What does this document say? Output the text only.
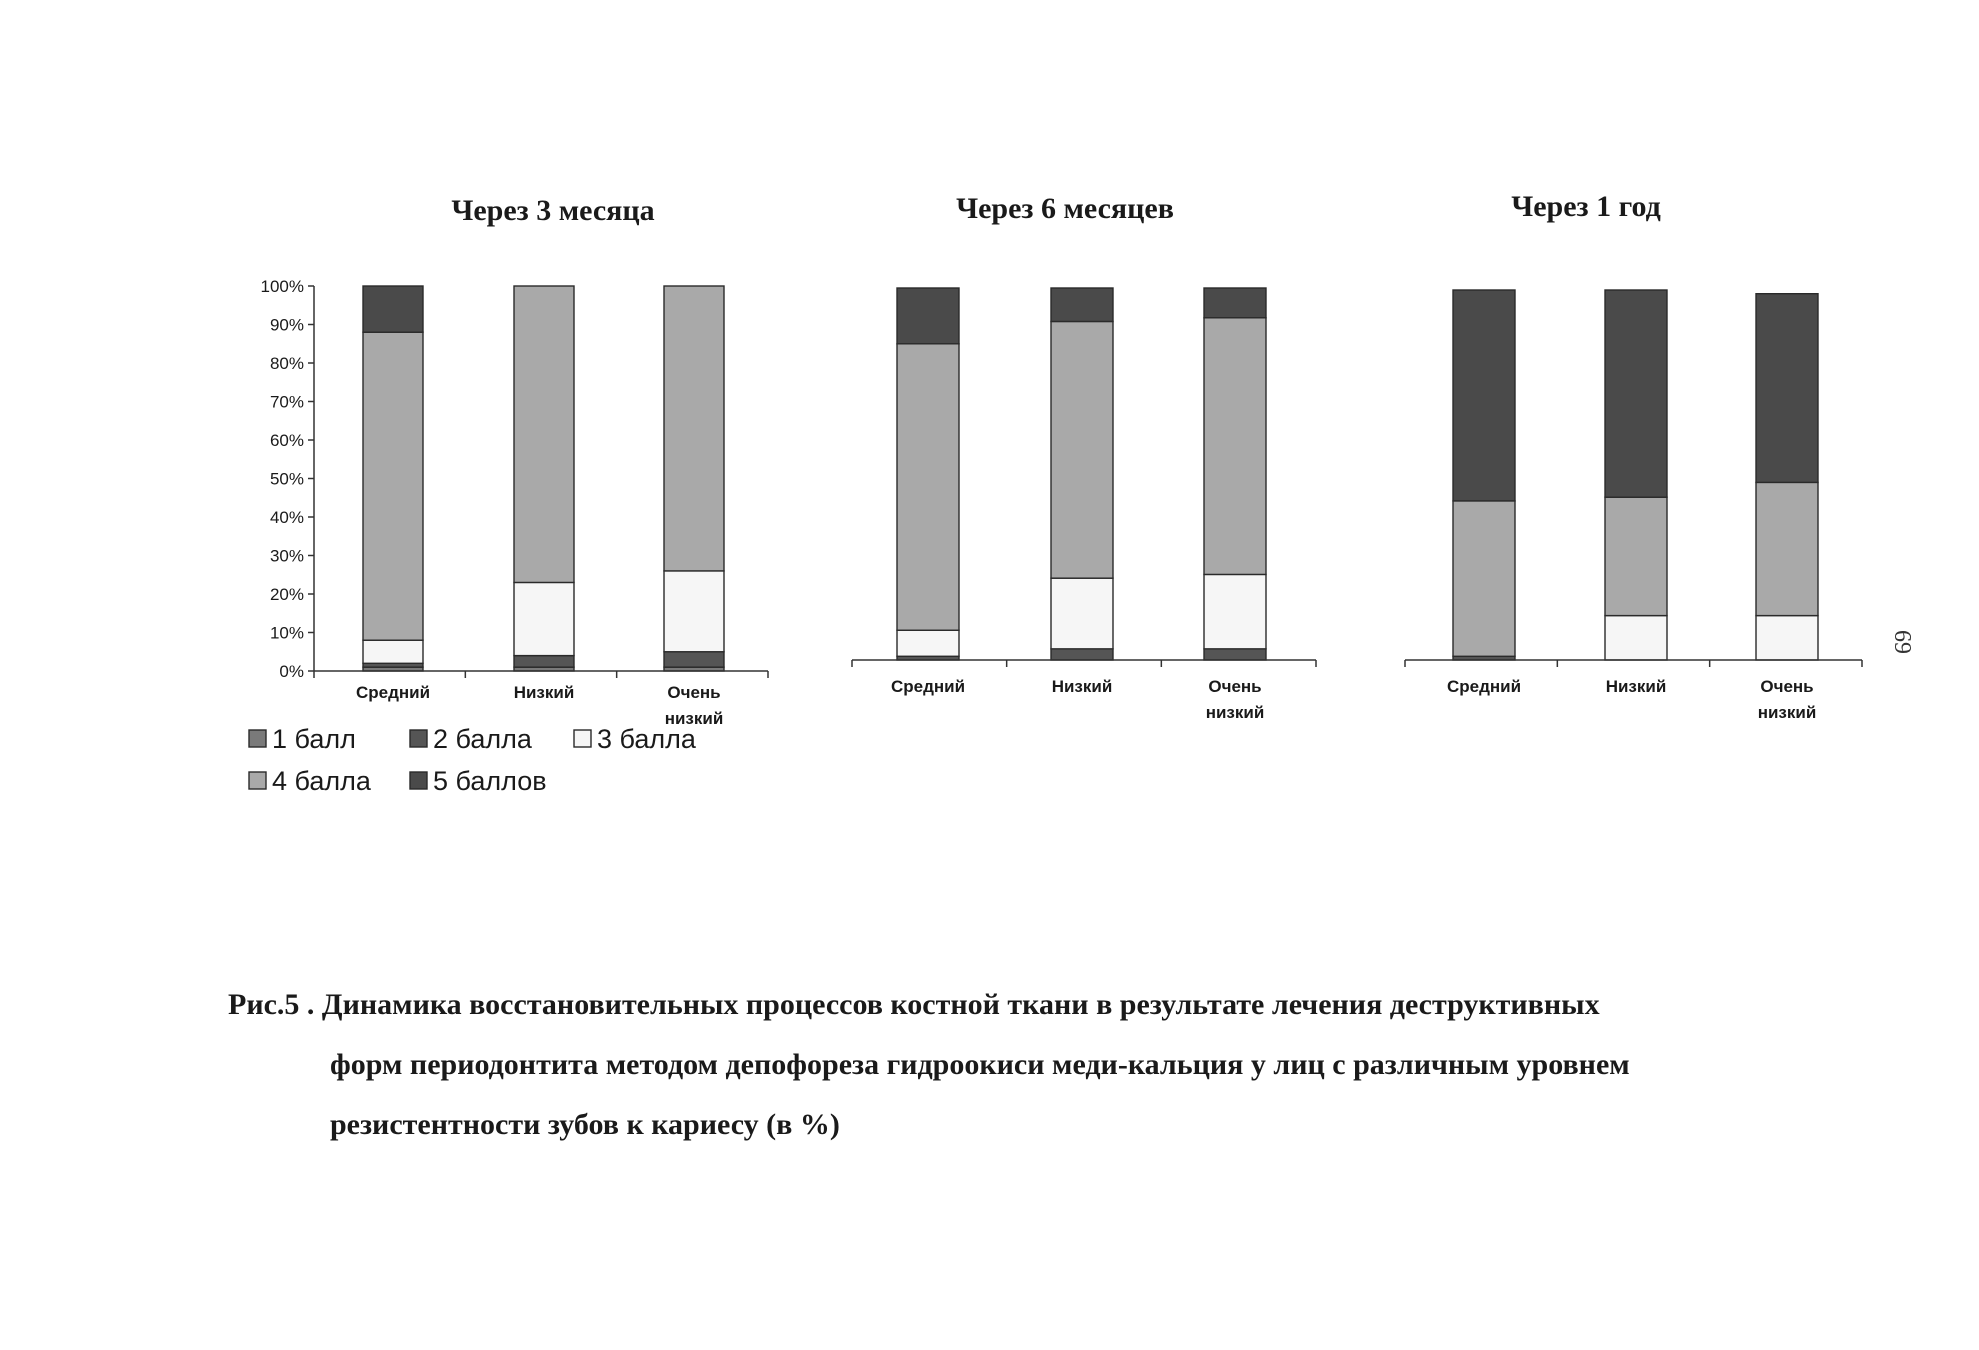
Через 3 месяца
0%
10%
20%
30%
40%
50%
60%
70%
80%
90%
100%
Средний	Низкий	Очень
низкий
Через 6 месяцев
Средний	Низкий	Очень
низкий
Через 1 год
Средний	Низкий	Очень
низкий
1 балл	2 балла 3 балла
4 балла 5 баллов
Рис.5 . Динамика восстановительных процессов костной ткани в результате лечения деструктивных
форм периодонтита методом депофореза гидроокиси меди-кальция у лиц с различным уровнем
резистентности зубов к кариесу (в %)
69
